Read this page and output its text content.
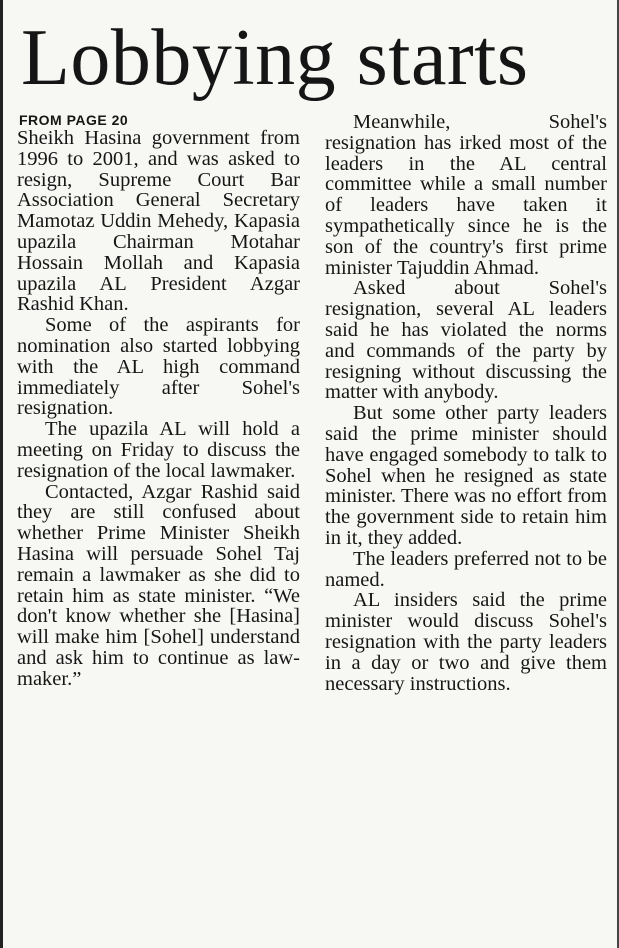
Lobbying starts
FROM PAGE 20

Sheikh Hasina government from 1996 to 2001, and was asked to resign, Supreme Court Bar Association General Secretary Mamotaz Uddin Mehedy, Kapasia upazila Chairman Motahar Hossain Mollah and Kapasia upazila AL President Azgar Rashid Khan.

Some of the aspirants for nomination also started lobbying with the AL high command immediately after Sohel's resignation.

The upazila AL will hold a meeting on Friday to discuss the resignation of the local lawmaker.

Contacted, Azgar Rashid said they are still confused about whether Prime Minister Sheikh Hasina will persuade Sohel Taj remain a lawmaker as she did to retain him as state minister. “We don't know whether she [Hasina] will make him [Sohel] understand and ask him to continue as law-maker.”

Meanwhile, Sohel's resignation has irked most of the leaders in the AL central committee while a small number of leaders have taken it sympathetically since he is the son of the country's first prime minister Tajuddin Ahmad.

Asked about Sohel's resignation, several AL leaders said he has violated the norms and commands of the party by resigning without discussing the matter with anybody.

But some other party leaders said the prime minister should have engaged somebody to talk to Sohel when he resigned as state minister. There was no effort from the government side to retain him in it, they added.

The leaders preferred not to be named.

AL insiders said the prime minister would discuss Sohel's resignation with the party leaders in a day or two and give them necessary instructions.
